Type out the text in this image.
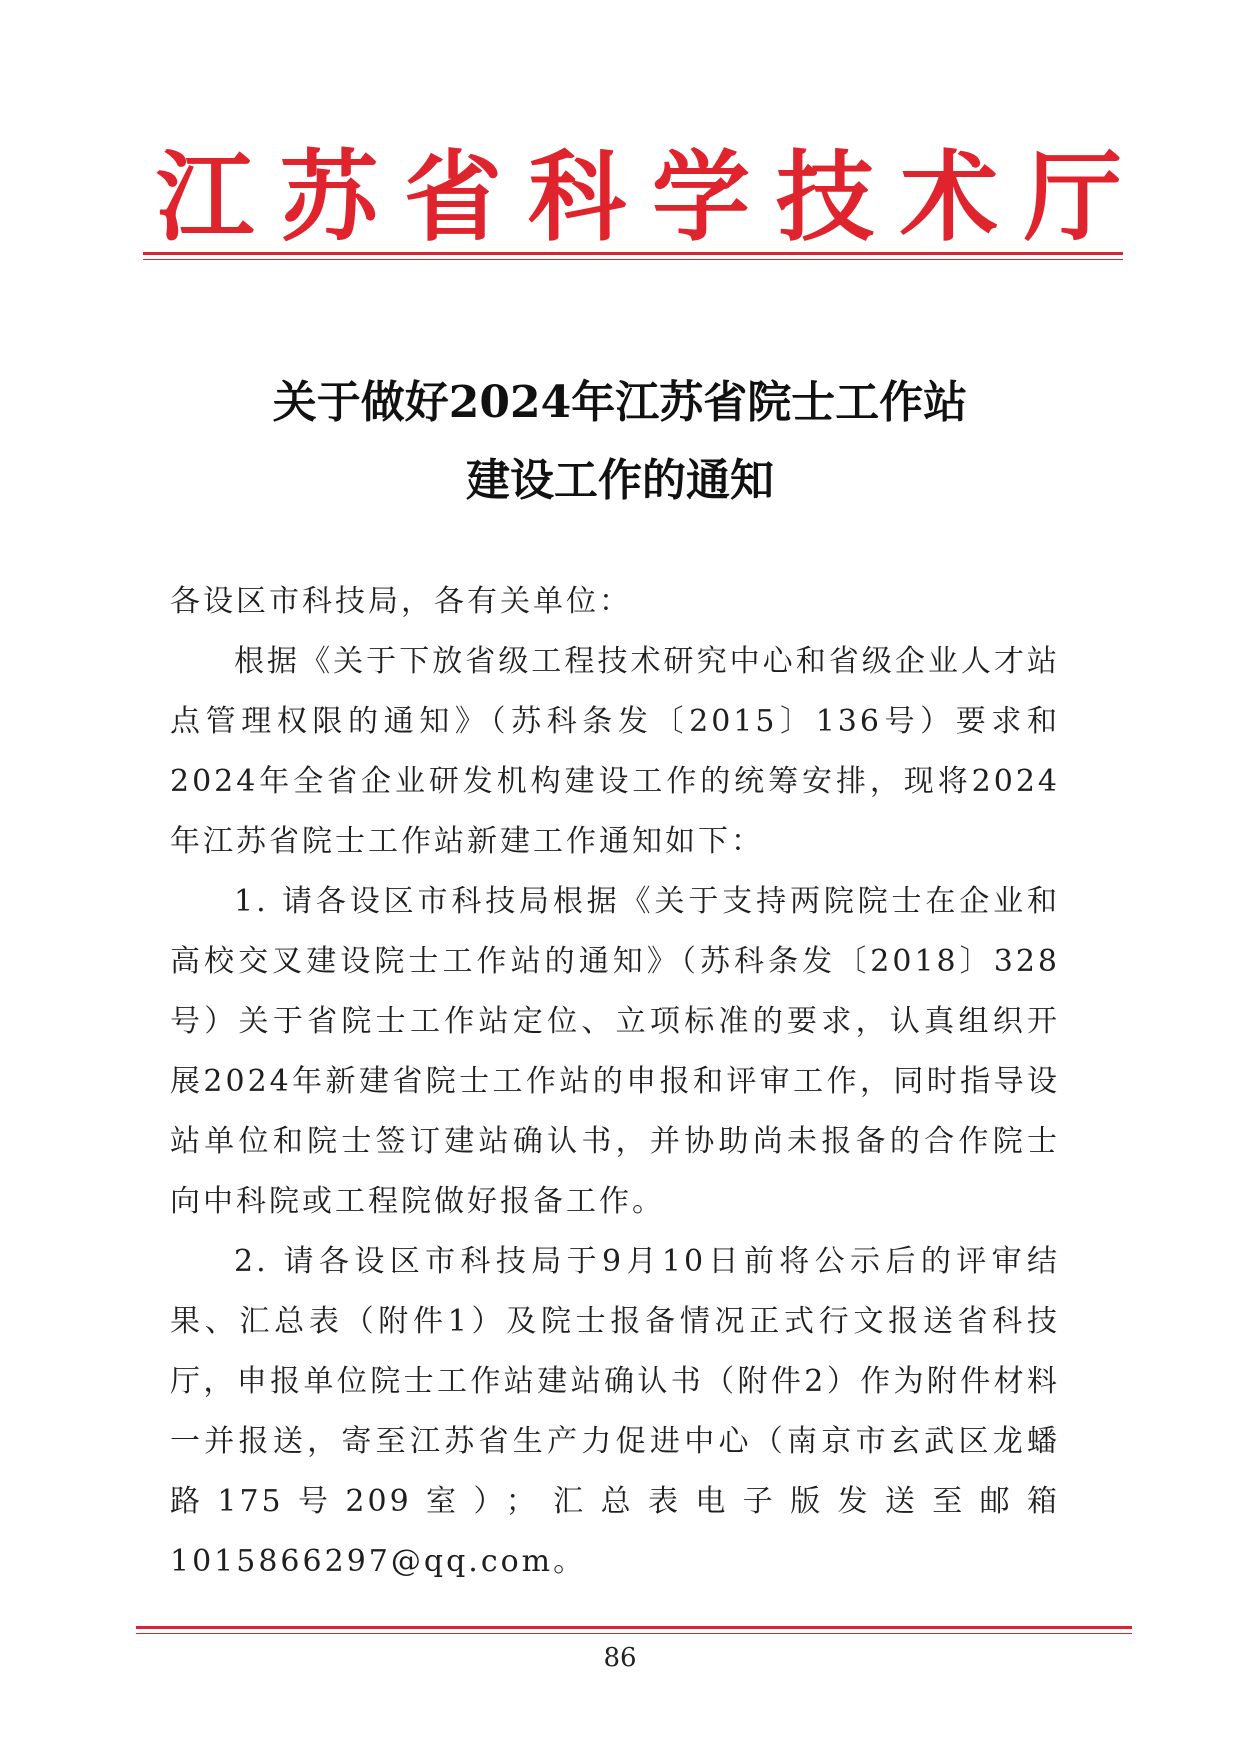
江苏省科学技术厅
关于做好2024年江苏省院士工作站
建设工作的通知

各设区市科技局，各有关单位：

根据《关于下放省级工程技术研究中心和省级企业人才站点管理权限的通知》（苏科条发〔2015〕136号）要求和2024年全省企业研发机构建设工作的统筹安排，现将2024年江苏省院士工作站新建工作通知如下：

1. 请各设区市科技局根据《关于支持两院院士在企业和高校交叉建设院士工作站的通知》（苏科条发〔2018〕328号）关于省院士工作站定位、立项标准的要求，认真组织开展2024年新建省院士工作站的申报和评审工作，同时指导设站单位和院士签订建站确认书，并协助尚未报备的合作院士向中科院或工程院做好报备工作。

2. 请各设区市科技局于9月10日前将公示后的评审结果、汇总表（附件1）及院士报备情况正式行文报送省科技厅，申报单位院士工作站建站确认书（附件2）作为附件材料一并报送，寄至江苏省生产力促进中心（南京市玄武区龙蟠路175号209室）；汇总表电子版发送至邮箱1015866297@qq.com。

86
